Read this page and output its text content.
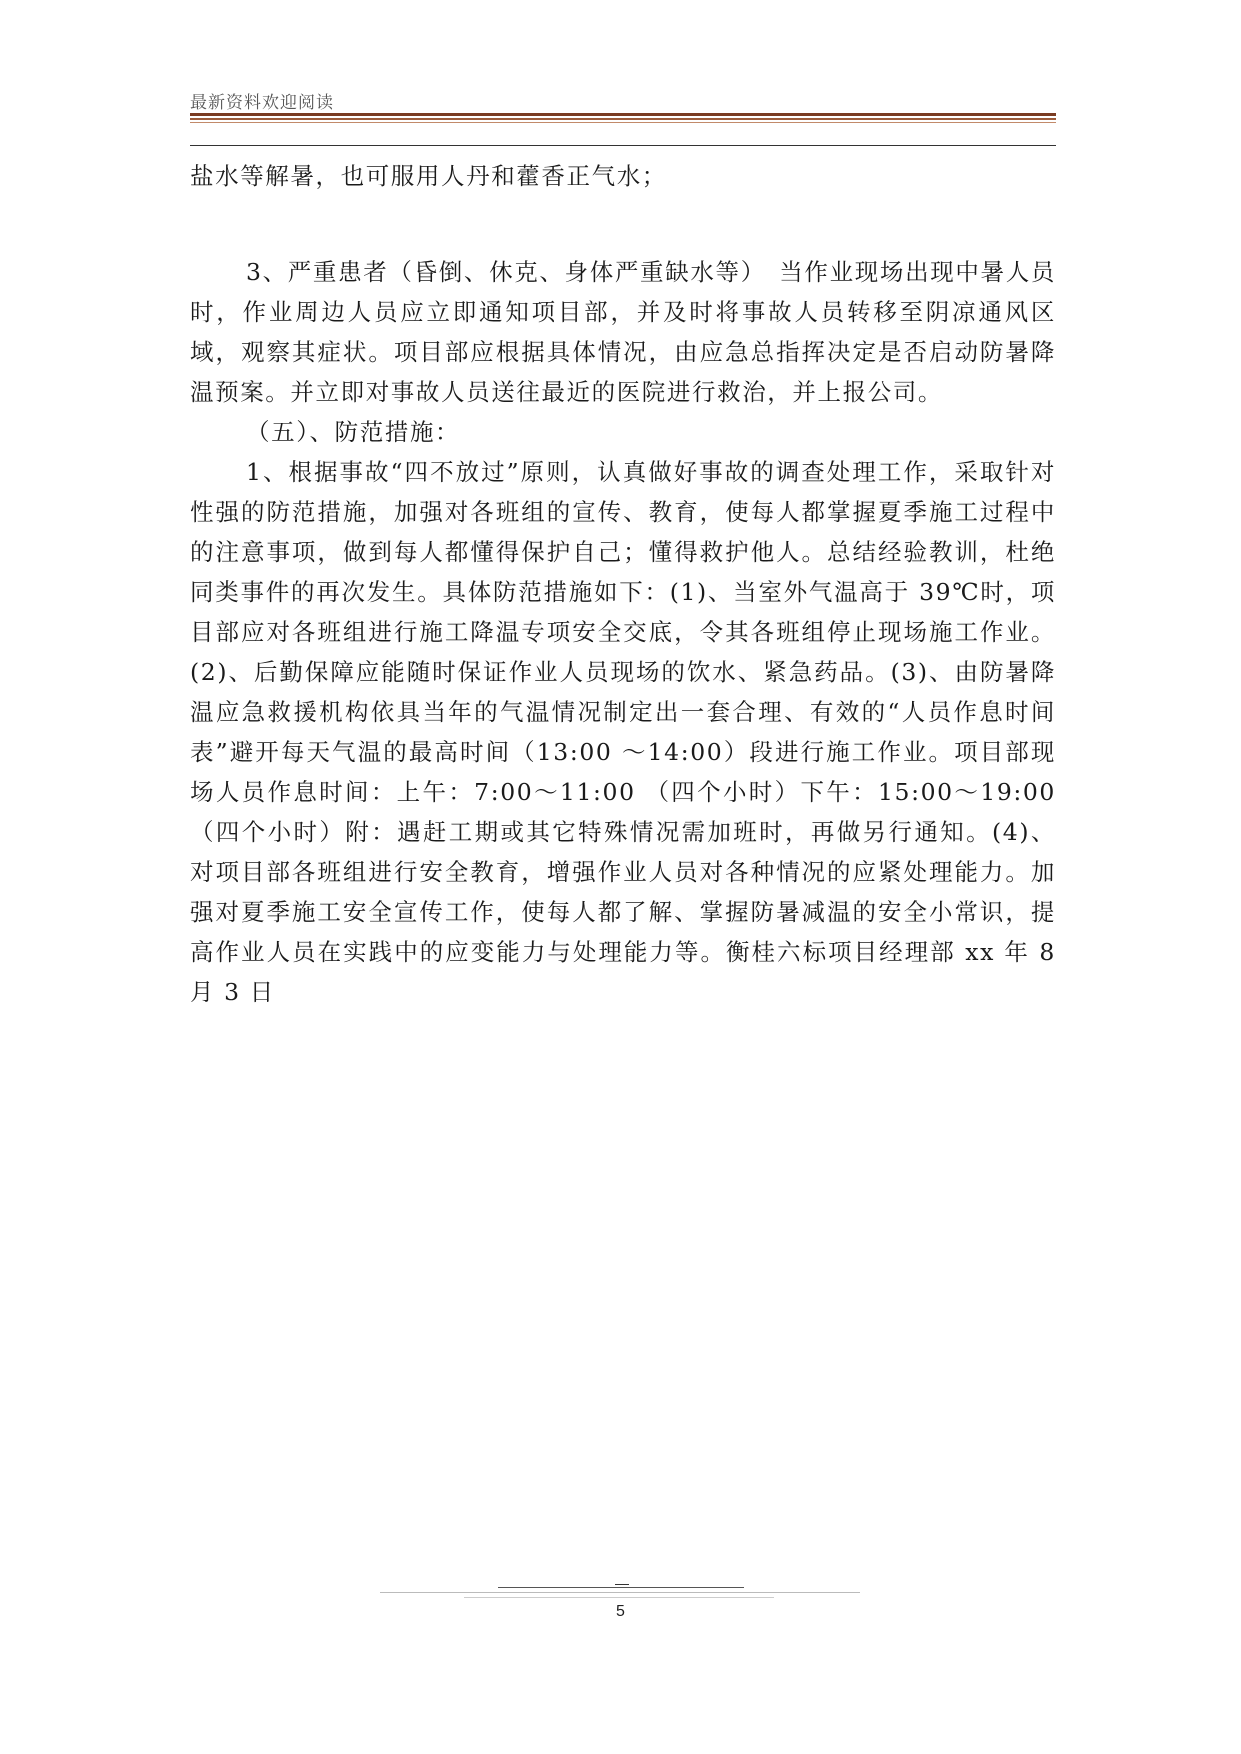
最新资料欢迎阅读

盐水等解暑，也可服用人丹和藿香正气水；

3、严重患者（昏倒、休克、身体严重缺水等）　当作业现场出现中暑人员时，作业周边人员应立即通知项目部，并及时将事故人员转移至阴凉通风区域，观察其症状。项目部应根据具体情况，由应急总指挥决定是否启动防暑降温预案。并立即对事故人员送往最近的医院进行救治，并上报公司。

（五）、防范措施：

1、根据事故“四不放过”原则，认真做好事故的调查处理工作，采取针对性强的防范措施，加强对各班组的宣传、教育，使每人都掌握夏季施工过程中的注意事项，做到每人都懂得保护自己；懂得救护他人。总结经验教训，杜绝同类事件的再次发生。具体防范措施如下：(1)、当室外气温高于 39℃时，项目部应对各班组进行施工降温专项安全交底，令其各班组停止现场施工作业。(2)、后勤保障应能随时保证作业人员现场的饮水、紧急药品。(3)、由防暑降温应急救援机构依具当年的气温情况制定出一套合理、有效的“人员作息时间表”避开每天气温的最高时间（13:00 ～14:00）段进行施工作业。项目部现场人员作息时间：上午：7:00～11:00 （四个小时）下午：15:00～19:00 （四个小时）附：遇赶工期或其它特殊情况需加班时，再做另行通知。(4)、对项目部各班组进行安全教育，增强作业人员对各种情况的应紧处理能力。加强对夏季施工安全宣传工作，使每人都了解、掌握防暑减温的安全小常识，提高作业人员在实践中的应变能力与处理能力等。衡桂六标项目经理部 xx 年 8 月 3 日

5
